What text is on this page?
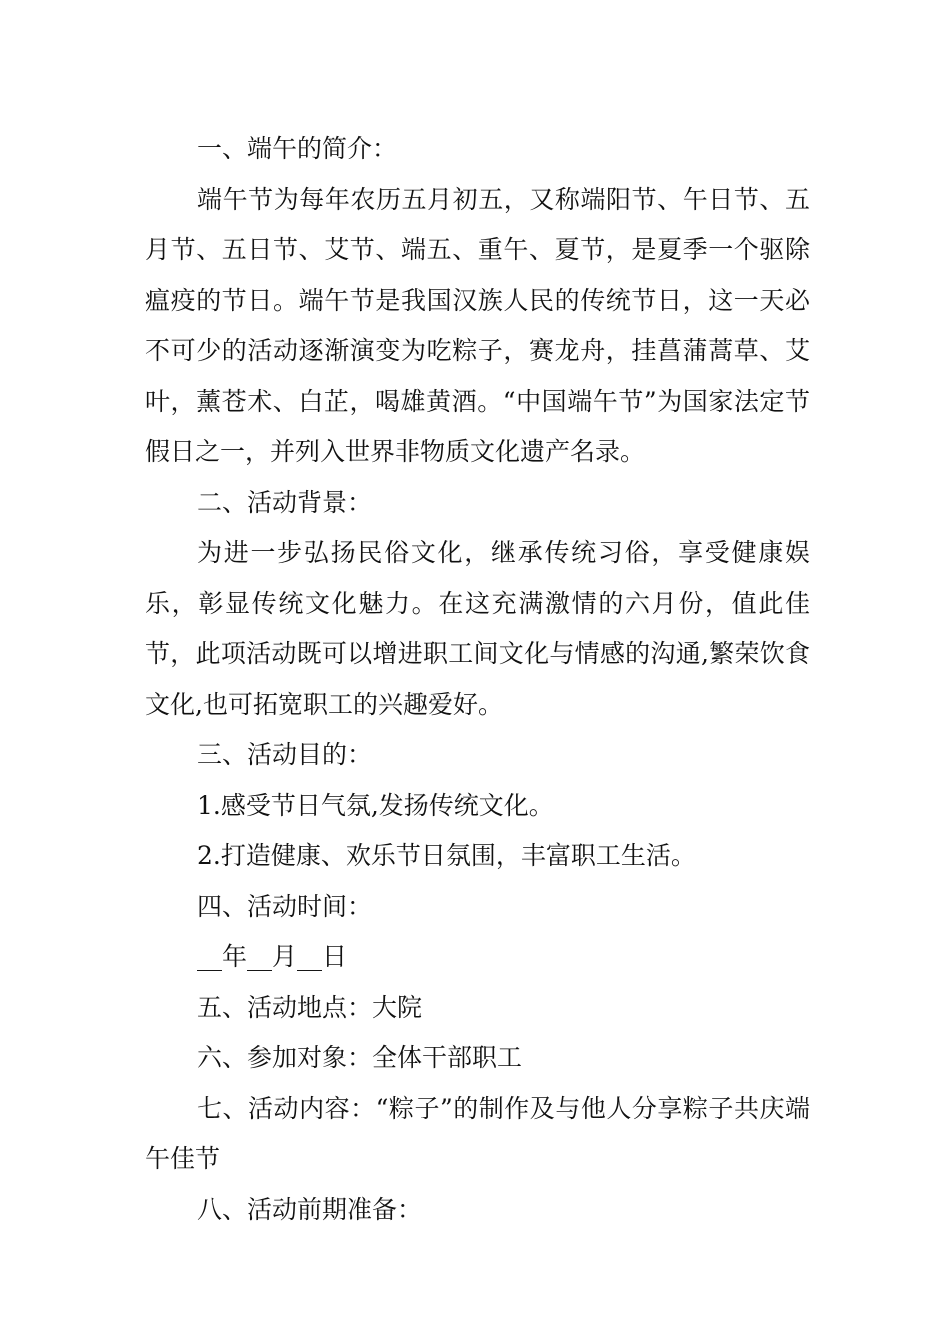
一、端午的简介：

端午节为每年农历五月初五，又称端阳节、午日节、五月节、五日节、艾节、端五、重午、夏节，是夏季一个驱除瘟疫的节日。端午节是我国汉族人民的传统节日，这一天必不可少的活动逐渐演变为吃粽子，赛龙舟，挂菖蒲蒿草、艾叶，薰苍术、白芷，喝雄黄酒。“中国端午节”为国家法定节假日之一，并列入世界非物质文化遗产名录。

二、活动背景：

为进一步弘扬民俗文化，继承传统习俗，享受健康娱乐，彰显传统文化魅力。在这充满激情的六月份，值此佳节，此项活动既可以增进职工间文化与情感的沟通,繁荣饮食文化,也可拓宽职工的兴趣爱好。

三、活动目的：

1.感受节日气氛,发扬传统文化。

2.打造健康、欢乐节日氛围，丰富职工生活。

四、活动时间：

__年__月__日

五、活动地点：大院

六、参加对象：全体干部职工

七、活动内容：“粽子”的制作及与他人分享粽子共庆端午佳节

八、活动前期准备：
